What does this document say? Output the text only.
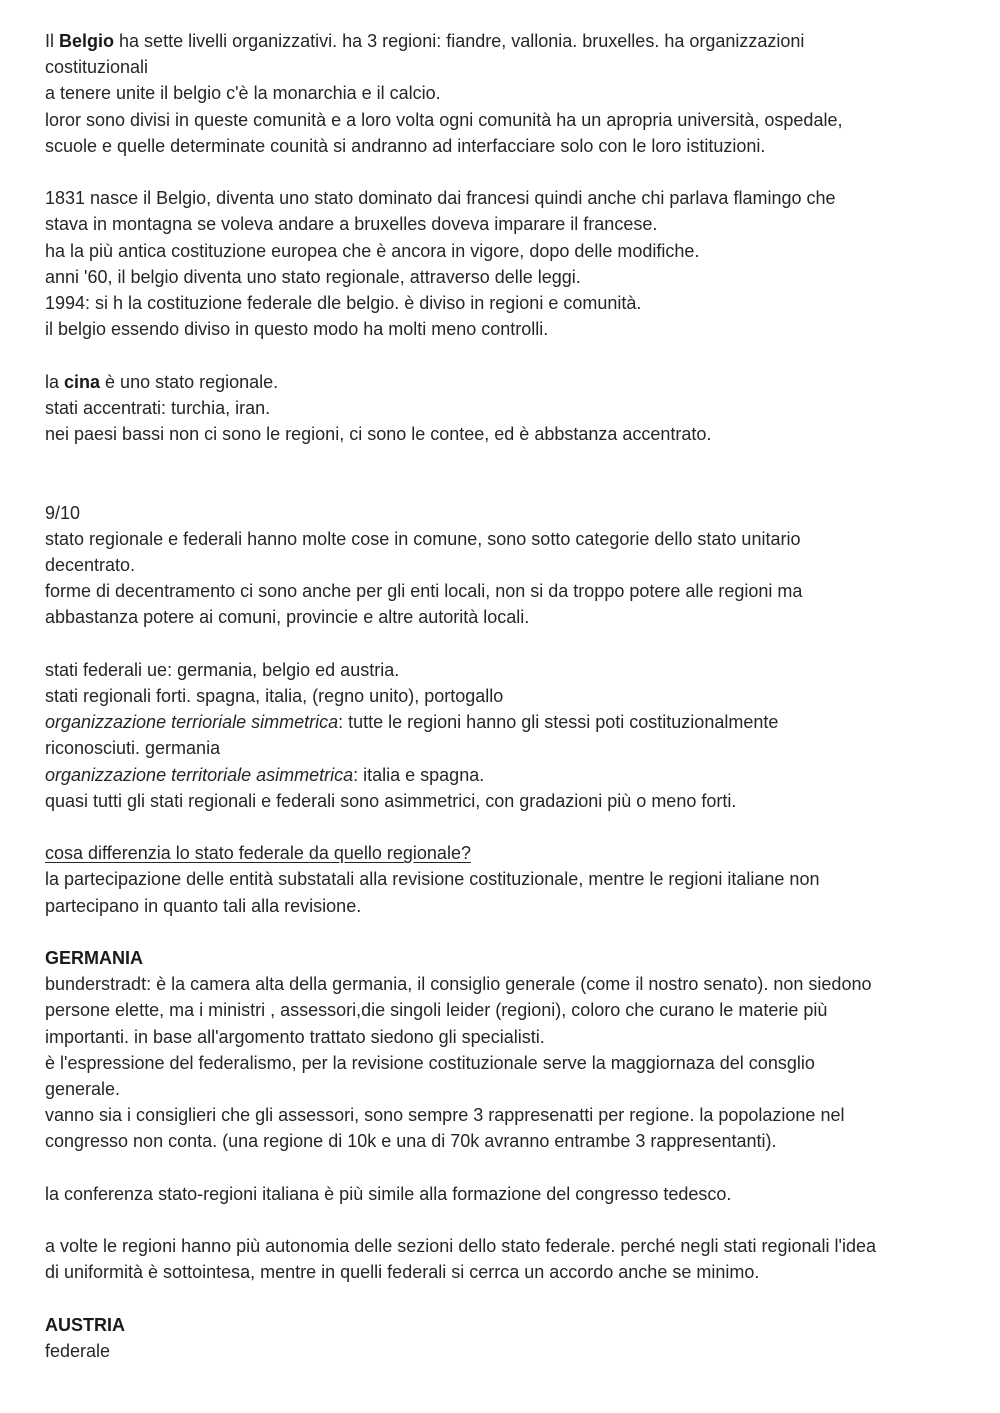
Il Belgio ha sette livelli organizzativi. ha 3 regioni: fiandre, vallonia. bruxelles. ha organizzazioni
costituzionali
a tenere unite il belgio c'è la monarchia e il calcio.
loror sono divisi in queste comunità e a loro volta ogni comunità ha un apropria università, ospedale,
scuole e quelle determinate counità si andranno ad interfacciare solo con le loro istituzioni.
1831 nasce il Belgio, diventa uno stato dominato dai francesi quindi anche chi parlava flamingo che
stava in montagna se voleva andare a bruxelles doveva imparare il francese.
ha la più antica costituzione europea che è ancora in vigore, dopo delle modifiche.
anni '60, il belgio diventa uno stato regionale, attraverso delle leggi.
1994: si h la costituzione federale dle belgio. è diviso in regioni e comunità.
il belgio essendo diviso in questo modo ha molti meno controlli.
la cina è uno stato regionale.
stati accentrati: turchia, iran.
nei paesi bassi non ci sono le regioni, ci sono le contee, ed è abbstanza accentrato.
9/10
stato regionale e federali hanno molte cose in comune, sono sotto categorie dello stato unitario
decentrato.
forme di decentramento ci sono anche per gli enti locali, non si da troppo potere alle regioni ma
abbastanza potere ai comuni, provincie e altre autorità locali.
stati federali ue: germania, belgio ed austria.
stati regionali forti. spagna, italia, (regno unito), portogallo
organizzazione terrioriale simmetrica: tutte le regioni hanno gli stessi poti costituzionalmente
riconosciuti. germania
organizzazione territoriale asimmetrica: italia e spagna.
quasi tutti gli stati regionali e federali sono asimmetrici, con gradazioni più o meno forti.
cosa differenzia lo stato federale da quello regionale?
la partecipazione delle entità substatali alla revisione costituzionale, mentre le regioni italiane non
partecipano in quanto tali alla revisione.
GERMANIA
bunderstradt: è la camera alta della germania, il consiglio generale (come il nostro senato). non siedono
persone elette, ma i ministri , assessori,die singoli leider (regioni), coloro che curano le materie più
importanti. in base all'argomento trattato siedono gli specialisti.
è l'espressione del federalismo, per la revisione costituzionale serve la maggiornaza del consglio
generale.
vanno sia i consiglieri che gli assessori, sono sempre 3 rappresenatti per regione. la popolazione nel
congresso non conta. (una regione di 10k e una di 70k avranno entrambe 3 rappresentanti).
la conferenza stato-regioni italiana è più simile alla formazione del congresso tedesco.
a volte le regioni hanno più autonomia delle sezioni dello stato federale. perché negli stati regionali l'idea
di uniformità è sottointesa, mentre in quelli federali si cerrca un accordo anche se minimo.
AUSTRIA
federale
